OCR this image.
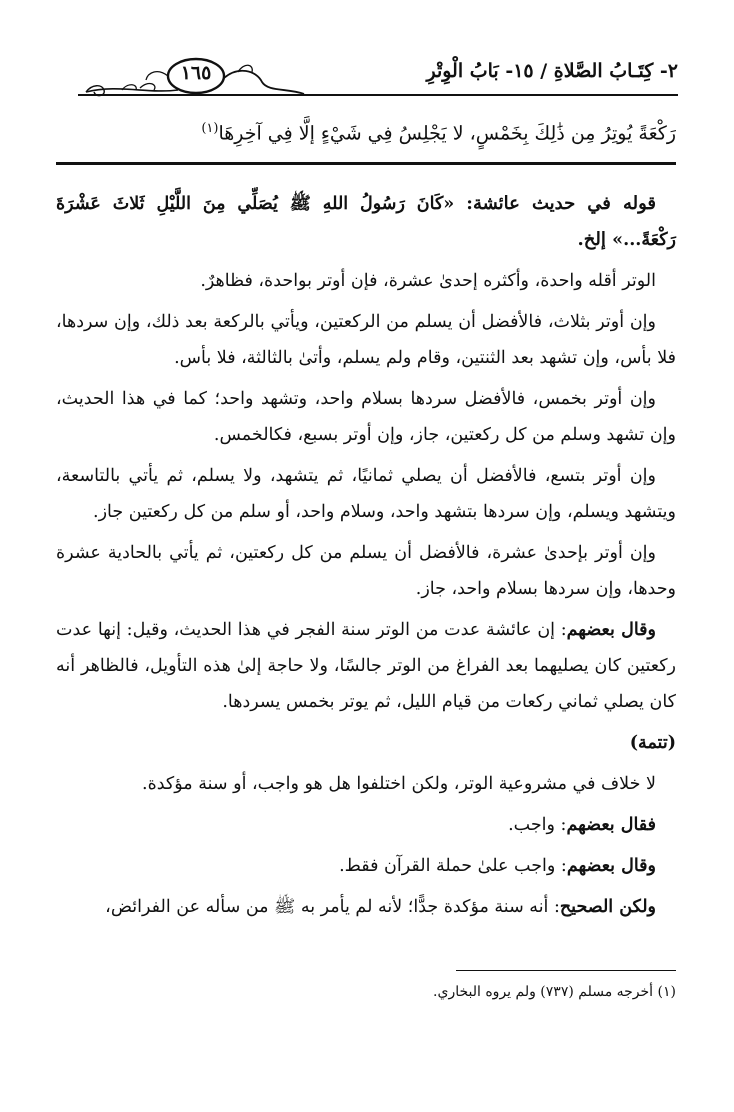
٢- كِتَـابُ الصَّلاةِ / ١٥- بَابُ الْوِتْرِ
١٦٥
رَكْعَةً يُوتِرُ مِن ذَٰلِكَ بِخَمْسٍ، لا يَجْلِسُ فِي شَيْءٍ إلَّا فِي آخِرِهَا$^{(١)}$

قوله في حديث عائشة: «كَانَ رَسُولُ اللهِ ﷺ يُصَلِّي مِنَ اللَّيْلِ ثَلاثَ عَشْرَةَ رَكْعَةً...» إلخ.

الوتر أقله واحدة، وأكثره إحدىٰ عشرة، فإن أوتر بواحدة، فظاهرٌ.

وإن أوتر بثلاث، فالأفضل أن يسلم من الركعتين، ويأتي بالركعة بعد ذلك، وإن سردها، فلا بأس، وإن تشهد بعد الثنتين، وقام ولم يسلم، وأتىٰ بالثالثة، فلا بأس.

وإن أوتر بخمس، فالأفضل سردها بسلام واحد، وتشهد واحد؛ كما في هذا الحديث، وإن تشهد وسلم من كل ركعتين، جاز، وإن أوتر بسبع، فكالخمس.

وإن أوتر بتسع، فالأفضل أن يصلي ثمانيًا، ثم يتشهد، ولا يسلم، ثم يأتي بالتاسعة، ويتشهد ويسلم، وإن سردها بتشهد واحد، وسلام واحد، أو سلم من كل ركعتين جاز.

وإن أوتر بإحدىٰ عشرة، فالأفضل أن يسلم من كل ركعتين، ثم يأتي بالحادية عشرة وحدها، وإن سردها بسلام واحد، جاز.

وقال بعضهم: إن عائشة عدت من الوتر سنة الفجر في هذا الحديث، وقيل: إنها عدت ركعتين كان يصليهما بعد الفراغ من الوتر جالسًا، ولا حاجة إلىٰ هذه التأويل، فالظاهر أنه كان يصلي ثماني ركعات من قيام الليل، ثم يوتر بخمس يسردها.

(تتمة)

لا خلاف في مشروعية الوتر، ولكن اختلفوا هل هو واجب، أو سنة مؤكدة.

فقال بعضهم: واجب.

وقال بعضهم: واجب علىٰ حملة القرآن فقط.

ولكن الصحيح: أنه سنة مؤكدة جدًّا؛ لأنه لم يأمر به ﷺ من سأله عن الفرائض،

(١) أخرجه مسلم (٧٣٧) ولم يروه البخاري.
